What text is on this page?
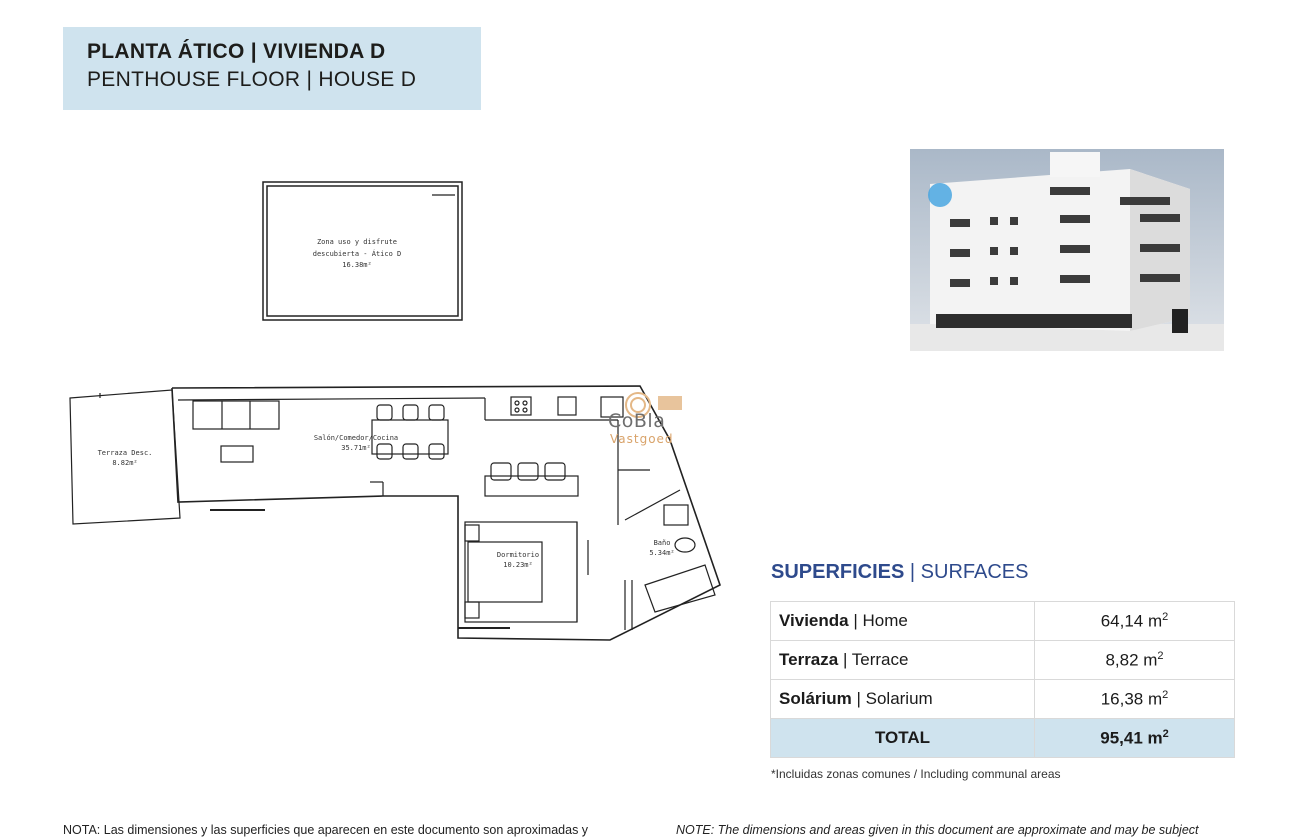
PLANTA ÁTICO | VIVIENDA D
PENTHOUSE FLOOR | HOUSE D
Zona uso y disfrute
descubierta - Ático D
16.38m²
Terraza Desc.
8.82m²
Salón/Comedor/Cocina
35.71m²
Dormitorio
10.23m²
Baño
5.34m²
CoBla
Vastgoed
SUPERFICIES | SURFACES
Vivienda | Home	64,14 $m^2$
Terraza | Terrace	8,82 $m^2$
Solárium | Solarium	16,38 $m^2$
TOTAL	95,41 $m^2$
*Incluidas zonas comunes / Including communal areas
NOTA: Las dimensiones y las superficies que aparecen en este documento son aproximadas y	NOTE: The dimensions and areas given in this document are approximate and may be subject
